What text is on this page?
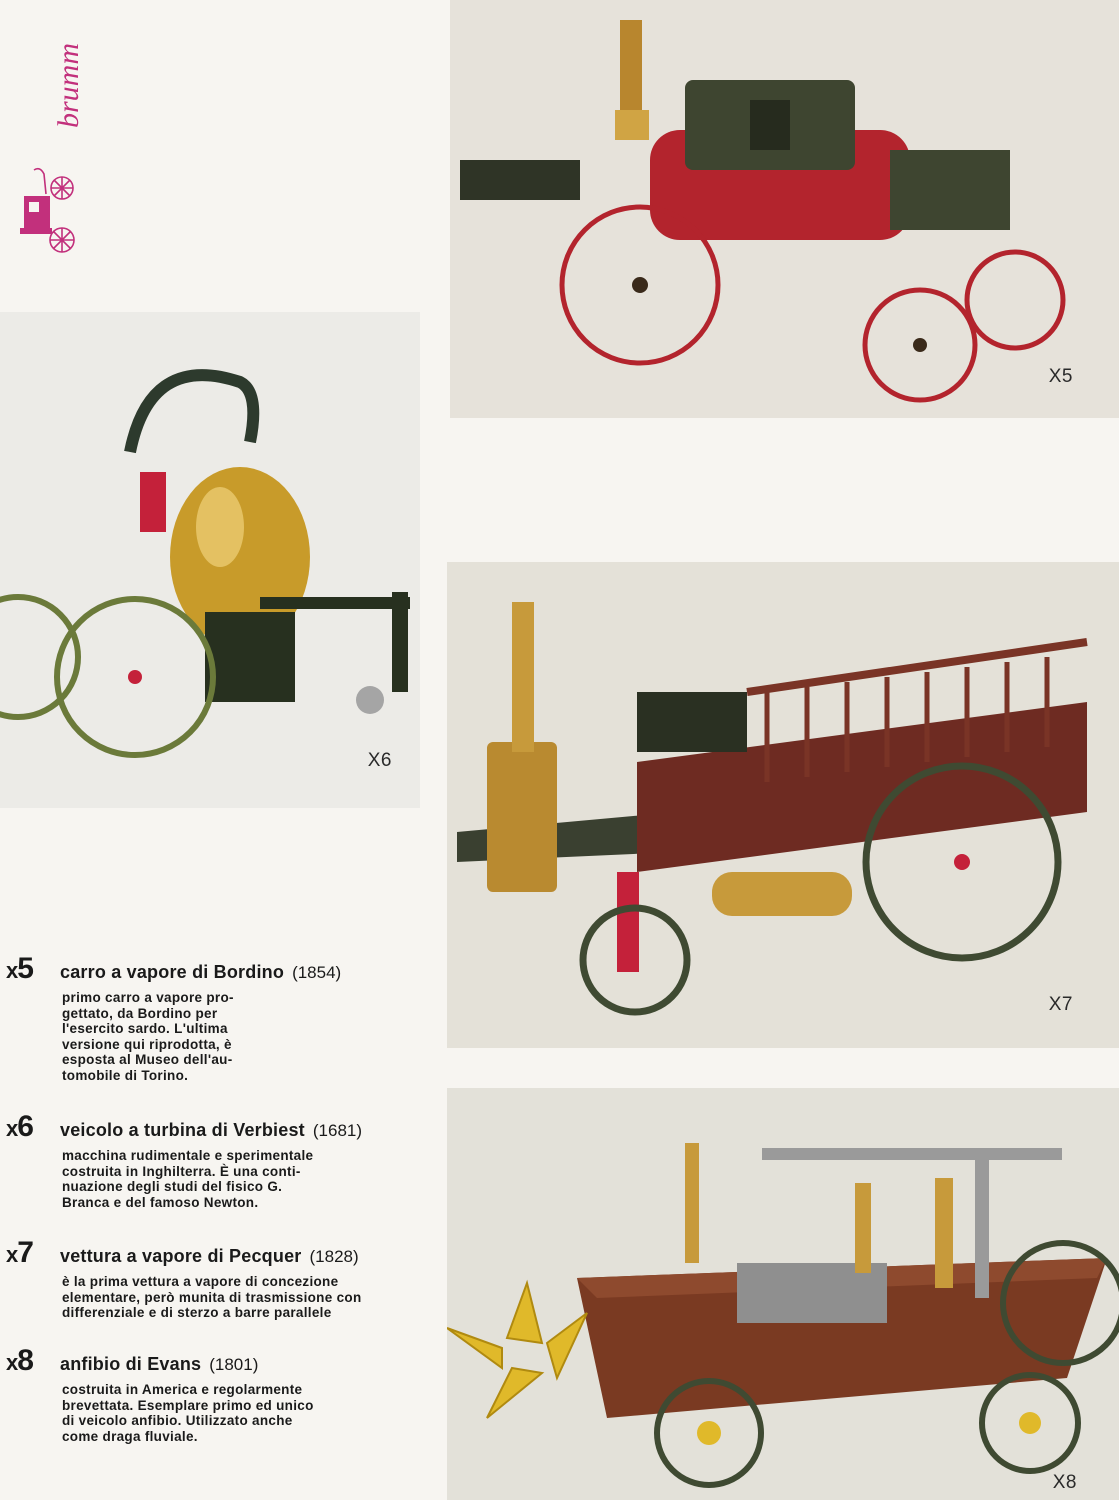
brumm
X5
X6
X7
X8
x5	carro a vapore di Bordino (1854)
primo carro a vapore pro-
gettato, da Bordino per
l'esercito sardo. L'ultima
versione qui riprodotta, è
esposta al Museo dell'au-
tomobile di Torino.
x6	veicolo a turbina di Verbiest (1681)
macchina rudimentale e sperimentale
costruita in Inghilterra. È una conti-
nuazione degli studi del fisico G.
Branca e del famoso Newton.
x7	vettura a vapore di Pecquer (1828)
è la prima vettura a vapore di concezione
elementare, però munita di trasmissione con
differenziale e di sterzo a barre parallele
x8	anfibio di Evans (1801)
costruita in America e regolarmente
brevettata. Esemplare primo ed unico
di veicolo anfibio. Utilizzato anche
come draga fluviale.
